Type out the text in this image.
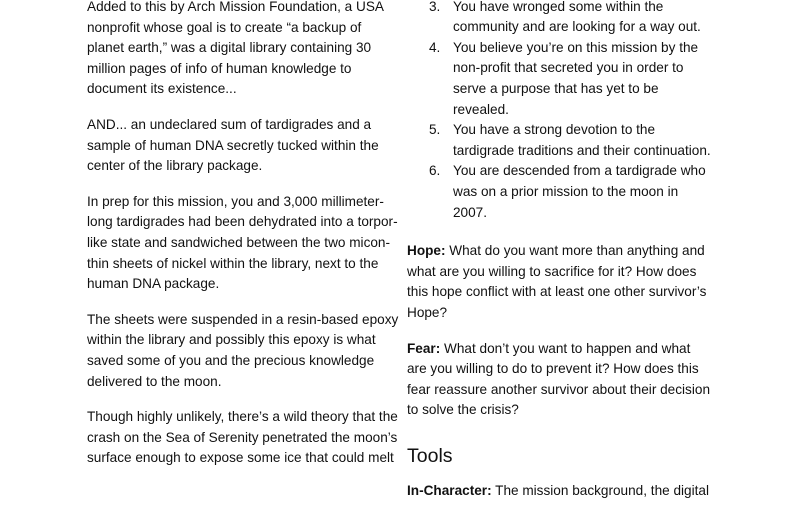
Added to this by Arch Mission Foundation, a USA nonprofit whose goal is to create “a backup of planet earth,” was a digital library containing 30 million pages of info of human knowledge to document its existence...

AND... an undeclared sum of tardigrades and a sample of human DNA secretly tucked within the center of the library package.

In prep for this mission, you and 3,000 millimeter-long tardigrades had been dehydrated into a torpor-like state and sandwiched between the two micon-thin sheets of nickel within the library, next to the human DNA package.

The sheets were suspended in a resin-based epoxy within the library and possibly this epoxy is what saved some of you and the precious knowledge delivered to the moon.

Though highly unlikely, there’s a wild theory that the crash on the Sea of Serenity penetrated the moon’s surface enough to expose some ice that could melt

3. You have wronged some within the community and are looking for a way out.
4. You believe you’re on this mission by the non-profit that secreted you in order to serve a purpose that has yet to be revealed.
5. You have a strong devotion to the tardigrade traditions and their continuation.
6. You are descended from a tardigrade who was on a prior mission to the moon in 2007.

Hope: What do you want more than anything and what are you willing to sacrifice for it? How does this hope conflict with at least one other survivor’s Hope?

Fear: What don’t you want to happen and what are you willing to do to prevent it? How does this fear reassure another survivor about their decision to solve the crisis?

Tools

In-Character: The mission background, the digital
